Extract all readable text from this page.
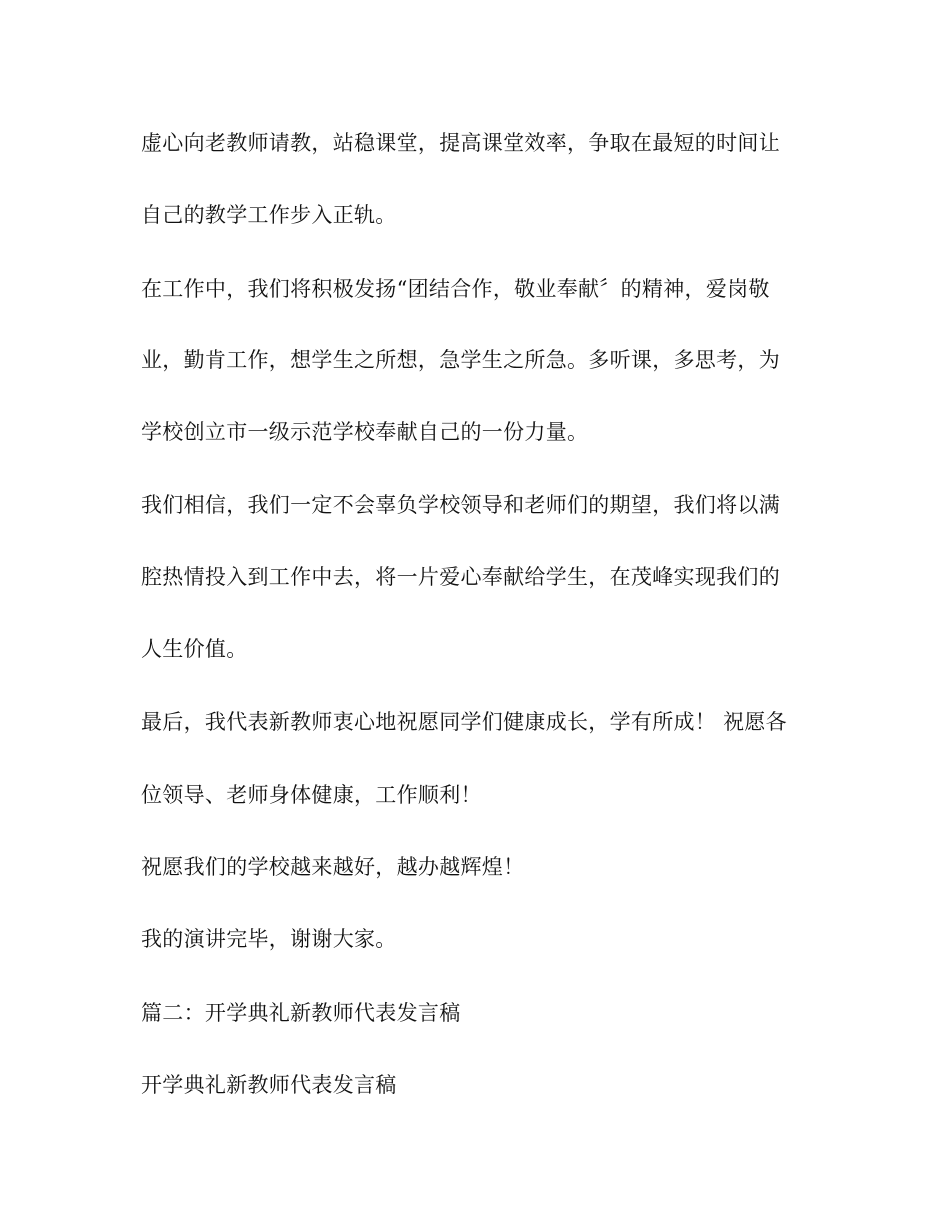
虚心向老教师请教，站稳课堂，提高课堂效率，争取在最短的时间让
自己的教学工作步入正轨。
在工作中，我们将积极发扬“团结合作，敬业奉献〞的精神，爱岗敬
业，勤肯工作，想学生之所想，急学生之所急。多听课，多思考，为
学校创立市一级示范学校奉献自己的一份力量。
我们相信，我们一定不会辜负学校领导和老师们的期望，我们将以满
腔热情投入到工作中去，将一片爱心奉献给学生，在茂峰实现我们的
人生价值。
最后，我代表新教师衷心地祝愿同学们健康成长，学有所成！ 祝愿各
位领导、老师身体健康，工作顺利！
祝愿我们的学校越来越好，越办越辉煌！
我的演讲完毕，谢谢大家。
篇二：开学典礼新教师代表发言稿
开学典礼新教师代表发言稿
